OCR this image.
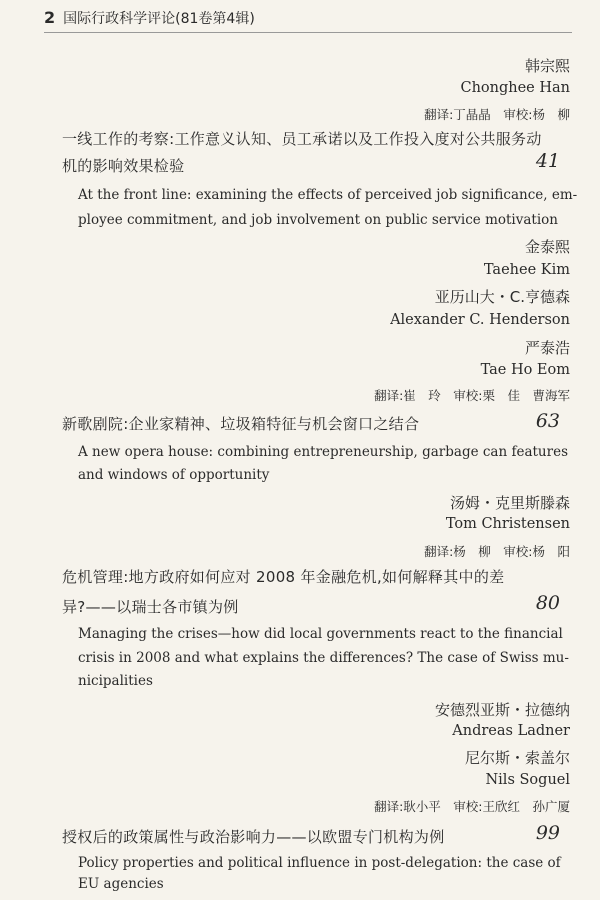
2 国际行政科学评论(81卷第4辑)
韩宗熙
Chonghee Han
翻译:丁晶晶　审校:杨　柳
一线工作的考察:工作意义认知、员工承诺以及工作投入度对公共服务动
机的影响效果检验	41
At the front line: examining the effects of perceived job significance, em-
ployee commitment, and job involvement on public service motivation
金泰熙
Taehee Kim
亚历山大・C.亨德森
Alexander C. Henderson
严泰浩
Tae Ho Eom
翻译:崔　玲　审校:栗　佳　曹海军
新歌剧院:企业家精神、垃圾箱特征与机会窗口之结合	63
A new opera house: combining entrepreneurship, garbage can features
and windows of opportunity
汤姆・克里斯滕森
Tom Christensen
翻译:杨　柳　审校:杨　阳
危机管理:地方政府如何应对 2008 年金融危机,如何解释其中的差
异?——以瑞士各市镇为例	80
Managing the crises—how did local governments react to the financial
crisis in 2008 and what explains the differences? The case of Swiss mu-
nicipalities
安德烈亚斯・拉德纳
Andreas Ladner
尼尔斯・索盖尔
Nils Soguel
翻译:耿小平　审校:王欣红　孙广厦
授权后的政策属性与政治影响力——以欧盟专门机构为例	99
Policy properties and political influence in post-delegation: the case of
EU agencies
